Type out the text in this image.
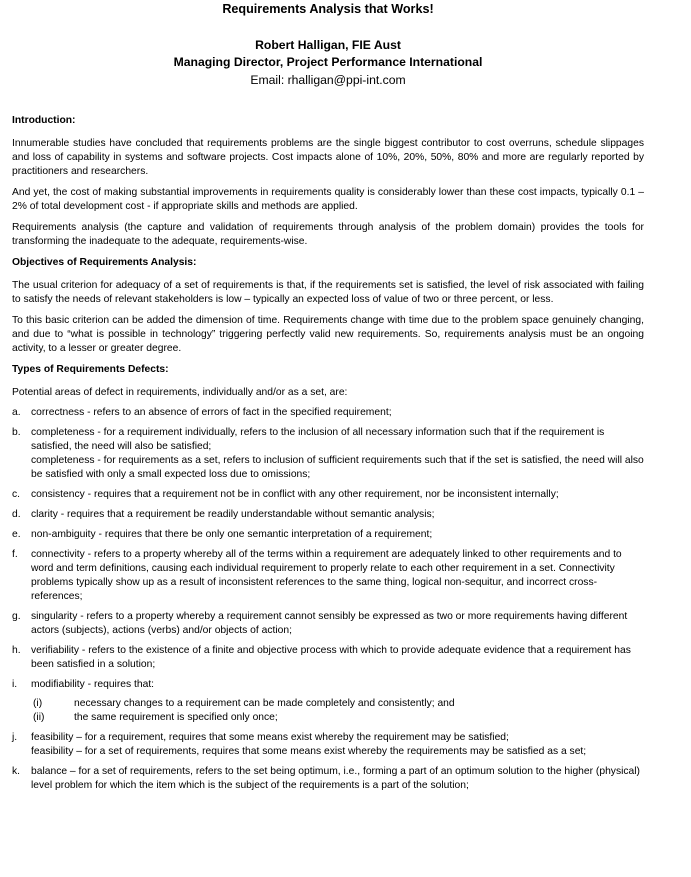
Requirements Analysis that Works!
Robert Halligan, FIE Aust
Managing Director, Project Performance International
Email: rhalligan@ppi-int.com
Introduction:

Innumerable studies have concluded that requirements problems are the single biggest contributor to cost overruns, schedule slippages and loss of capability in systems and software projects. Cost impacts alone of 10%, 20%, 50%, 80% and more are regularly reported by practitioners and researchers.

And yet, the cost of making substantial improvements in requirements quality is considerably lower than these cost impacts, typically 0.1 – 2% of total development cost - if appropriate skills and methods are applied.

Requirements analysis (the capture and validation of requirements through analysis of the problem domain) provides the tools for transforming the inadequate to the adequate, requirements-wise.

Objectives of Requirements Analysis:

The usual criterion for adequacy of a set of requirements is that, if the requirements set is satisfied, the level of risk associated with failing to satisfy the needs of relevant stakeholders is low – typically an expected loss of value of two or three percent, or less.

To this basic criterion can be added the dimension of time. Requirements change with time due to the problem space genuinely changing, and due to “what is possible in technology” triggering perfectly valid new requirements. So, requirements analysis must be an ongoing activity, to a lesser or greater degree.

Types of Requirements Defects:

Potential areas of defect in requirements, individually and/or as a set, are:

a. correctness - refers to an absence of errors of fact in the specified requirement;
b. completeness - for a requirement individually, refers to the inclusion of all necessary information such that if the requirement is satisfied, the need will also be satisfied;
completeness - for requirements as a set, refers to inclusion of sufficient requirements such that if the set is satisfied, the need will also be satisfied with only a small expected loss due to omissions;
c. consistency - requires that a requirement not be in conflict with any other requirement, nor be inconsistent internally;
d. clarity - requires that a requirement be readily understandable without semantic analysis;
e. non-ambiguity - requires that there be only one semantic interpretation of a requirement;
f. connectivity - refers to a property whereby all of the terms within a requirement are adequately linked to other requirements and to word and term definitions, causing each individual requirement to properly relate to each other requirement in a set. Connectivity problems typically show up as a result of inconsistent references to the same thing, logical non-sequitur, and incorrect cross-references;
g. singularity - refers to a property whereby a requirement cannot sensibly be expressed as two or more requirements having different actors (subjects), actions (verbs) and/or objects of action;
h. verifiability - refers to the existence of a finite and objective process with which to provide adequate evidence that a requirement has been satisfied in a solution;
i. modifiability - requires that:
(i)	necessary changes to a requirement can be made completely and consistently; and
(ii)	the same requirement is specified only once;
j. feasibility – for a requirement, requires that some means exist whereby the requirement may be satisfied;
feasibility – for a set of requirements, requires that some means exist whereby the requirements may be satisfied as a set;
k. balance – for a set of requirements, refers to the set being optimum, i.e., forming a part of an optimum solution to the higher (physical) level problem for which the item which is the subject of the requirements is a part of the solution;
